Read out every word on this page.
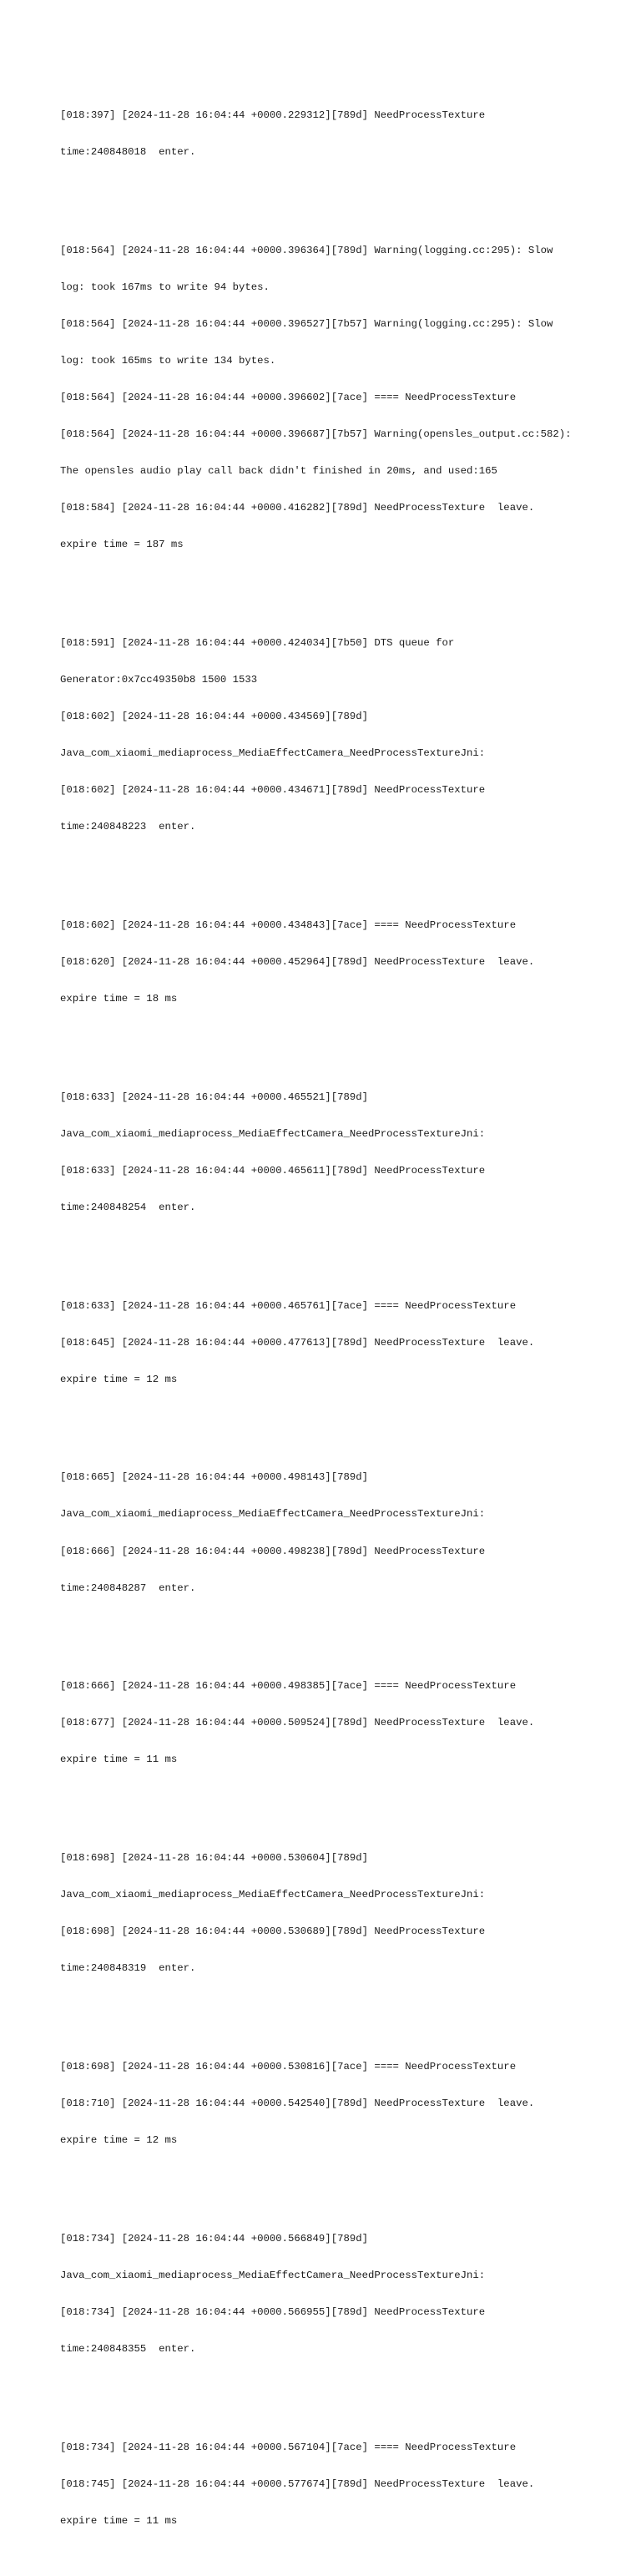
[018:397] [2024-11-28 16:04:44 +0000.229312][789d] NeedProcessTexture

time:240848018  enter.

[018:564] [2024-11-28 16:04:44 +0000.396364][789d] Warning(logging.cc:295): Slow

log: took 167ms to write 94 bytes.

[018:564] [2024-11-28 16:04:44 +0000.396527][7b57] Warning(logging.cc:295): Slow

log: took 165ms to write 134 bytes.

[018:564] [2024-11-28 16:04:44 +0000.396602][7ace] ==== NeedProcessTexture

[018:564] [2024-11-28 16:04:44 +0000.396687][7b57] Warning(opensles_output.cc:582):

The opensles audio play call back didn't finished in 20ms, and used:165

[018:584] [2024-11-28 16:04:44 +0000.416282][789d] NeedProcessTexture  leave.

expire time = 187 ms

[018:591] [2024-11-28 16:04:44 +0000.424034][7b50] DTS queue for

Generator:0x7cc49350b8 1500 1533

[018:602] [2024-11-28 16:04:44 +0000.434569][789d]

Java_com_xiaomi_mediaprocess_MediaEffectCamera_NeedProcessTextureJni:

[018:602] [2024-11-28 16:04:44 +0000.434671][789d] NeedProcessTexture

time:240848223  enter.

[018:602] [2024-11-28 16:04:44 +0000.434843][7ace] ==== NeedProcessTexture

[018:620] [2024-11-28 16:04:44 +0000.452964][789d] NeedProcessTexture  leave.

expire time = 18 ms

[018:633] [2024-11-28 16:04:44 +0000.465521][789d]

Java_com_xiaomi_mediaprocess_MediaEffectCamera_NeedProcessTextureJni:

[018:633] [2024-11-28 16:04:44 +0000.465611][789d] NeedProcessTexture

time:240848254  enter.

[018:633] [2024-11-28 16:04:44 +0000.465761][7ace] ==== NeedProcessTexture

[018:645] [2024-11-28 16:04:44 +0000.477613][789d] NeedProcessTexture  leave.

expire time = 12 ms

[018:665] [2024-11-28 16:04:44 +0000.498143][789d]

Java_com_xiaomi_mediaprocess_MediaEffectCamera_NeedProcessTextureJni:

[018:666] [2024-11-28 16:04:44 +0000.498238][789d] NeedProcessTexture

time:240848287  enter.

[018:666] [2024-11-28 16:04:44 +0000.498385][7ace] ==== NeedProcessTexture

[018:677] [2024-11-28 16:04:44 +0000.509524][789d] NeedProcessTexture  leave.

expire time = 11 ms

[018:698] [2024-11-28 16:04:44 +0000.530604][789d]

Java_com_xiaomi_mediaprocess_MediaEffectCamera_NeedProcessTextureJni:

[018:698] [2024-11-28 16:04:44 +0000.530689][789d] NeedProcessTexture

time:240848319  enter.

[018:698] [2024-11-28 16:04:44 +0000.530816][7ace] ==== NeedProcessTexture

[018:710] [2024-11-28 16:04:44 +0000.542540][789d] NeedProcessTexture  leave.

expire time = 12 ms

[018:734] [2024-11-28 16:04:44 +0000.566849][789d]

Java_com_xiaomi_mediaprocess_MediaEffectCamera_NeedProcessTextureJni:

[018:734] [2024-11-28 16:04:44 +0000.566955][789d] NeedProcessTexture

time:240848355  enter.

[018:734] [2024-11-28 16:04:44 +0000.567104][7ace] ==== NeedProcessTexture

[018:745] [2024-11-28 16:04:44 +0000.577674][789d] NeedProcessTexture  leave.

expire time = 11 ms
